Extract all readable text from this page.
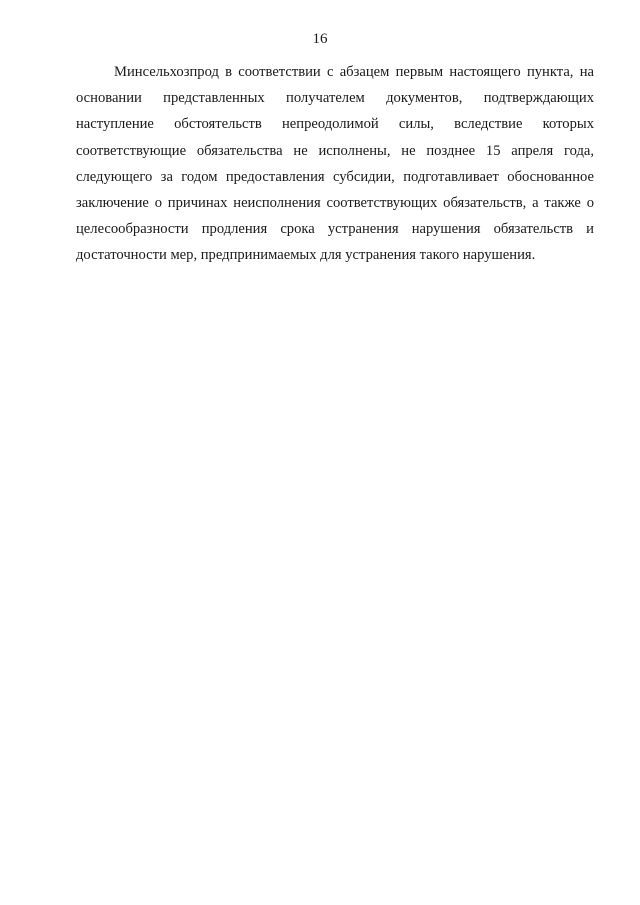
16

Минсельхозпрод в соответствии с абзацем первым настоящего пункта, на основании представленных получателем документов, подтверждающих наступление обстоятельств непреодолимой силы, вследствие которых соответствующие обязательства не исполнены, не позднее 15 апреля года, следующего за годом предоставления субсидии, подготавливает обоснованное заключение о причинах неисполнения соответствующих обязательств, а также о целесообразности продления срока устранения нарушения обязательств и достаточности мер, предпринимаемых для устранения такого нарушения.
